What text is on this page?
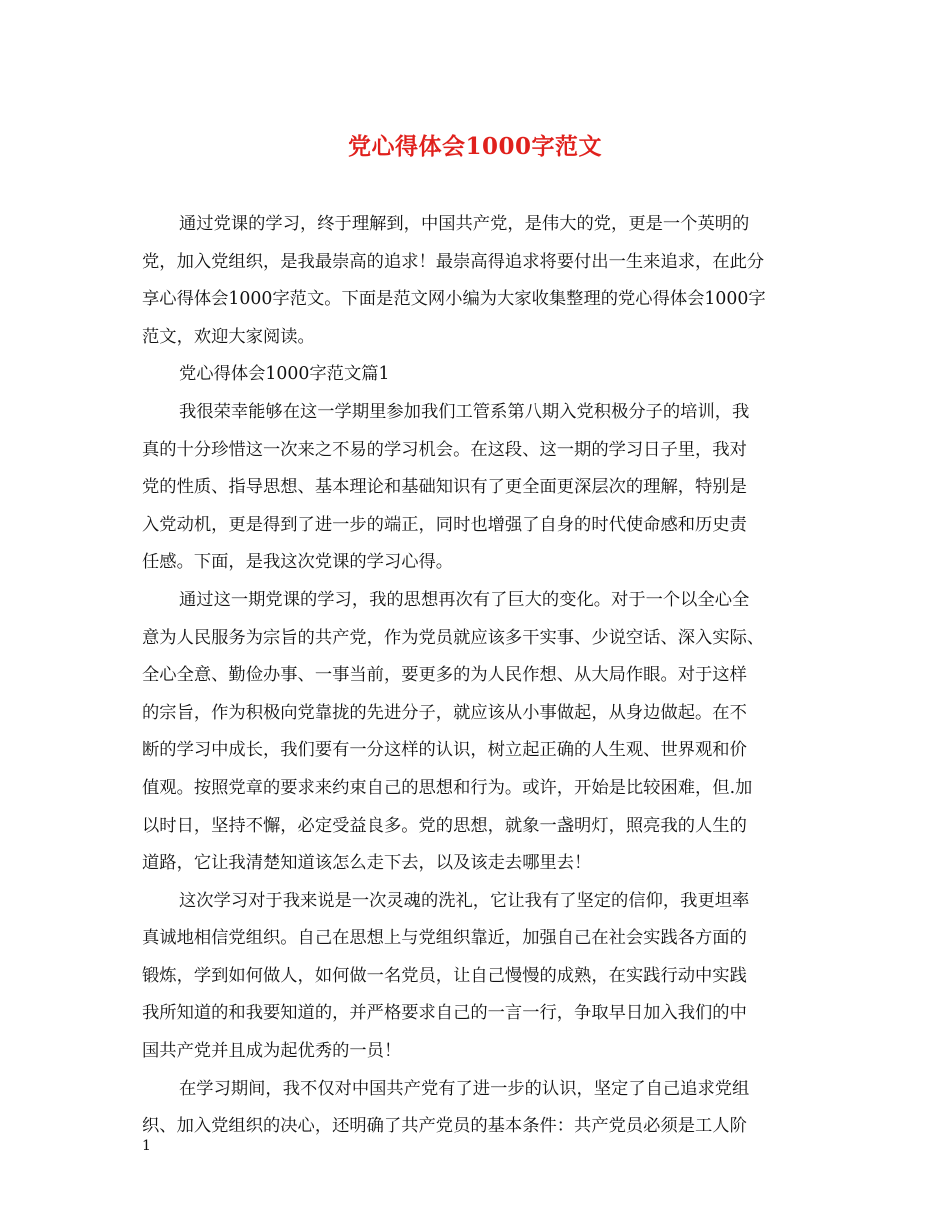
党心得体会1000字范文
通过党课的学习，终于理解到，中国共产党，是伟大的党，更是一个英明的
党，加入党组织，是我最崇高的追求！最崇高得追求将要付出一生来追求，在此分
享心得体会1000字范文。下面是范文网小编为大家收集整理的党心得体会1000字
范文，欢迎大家阅读。
党心得体会1000字范文篇1
我很荣幸能够在这一学期里参加我们工管系第八期入党积极分子的培训，我
真的十分珍惜这一次来之不易的学习机会。在这段、这一期的学习日子里，我对
党的性质、指导思想、基本理论和基础知识有了更全面更深层次的理解，特别是
入党动机，更是得到了进一步的端正，同时也增强了自身的时代使命感和历史责
任感。下面，是我这次党课的学习心得。
通过这一期党课的学习，我的思想再次有了巨大的变化。对于一个以全心全
意为人民服务为宗旨的共产党，作为党员就应该多干实事、少说空话、深入实际、
全心全意、勤俭办事、一事当前，要更多的为人民作想、从大局作眼。对于这样
的宗旨，作为积极向党靠拢的先进分子，就应该从小事做起，从身边做起。在不
断的学习中成长，我们要有一分这样的认识，树立起正确的人生观、世界观和价
值观。按照党章的要求来约束自己的思想和行为。或许，开始是比较困难，但.加
以时日，坚持不懈，必定受益良多。党的思想，就象一盏明灯，照亮我的人生的
道路，它让我清楚知道该怎么走下去，以及该走去哪里去！
这次学习对于我来说是一次灵魂的洗礼，它让我有了坚定的信仰，我更坦率
真诚地相信党组织。自己在思想上与党组织靠近，加强自己在社会实践各方面的
锻炼，学到如何做人，如何做一名党员，让自己慢慢的成熟，在实践行动中实践
我所知道的和我要知道的，并严格要求自己的一言一行，争取早日加入我们的中
国共产党并且成为起优秀的一员！
在学习期间，我不仅对中国共产党有了进一步的认识，坚定了自己追求党组
织、加入党组织的决心，还明确了共产党员的基本条件：共产党员必须是工人阶
1
